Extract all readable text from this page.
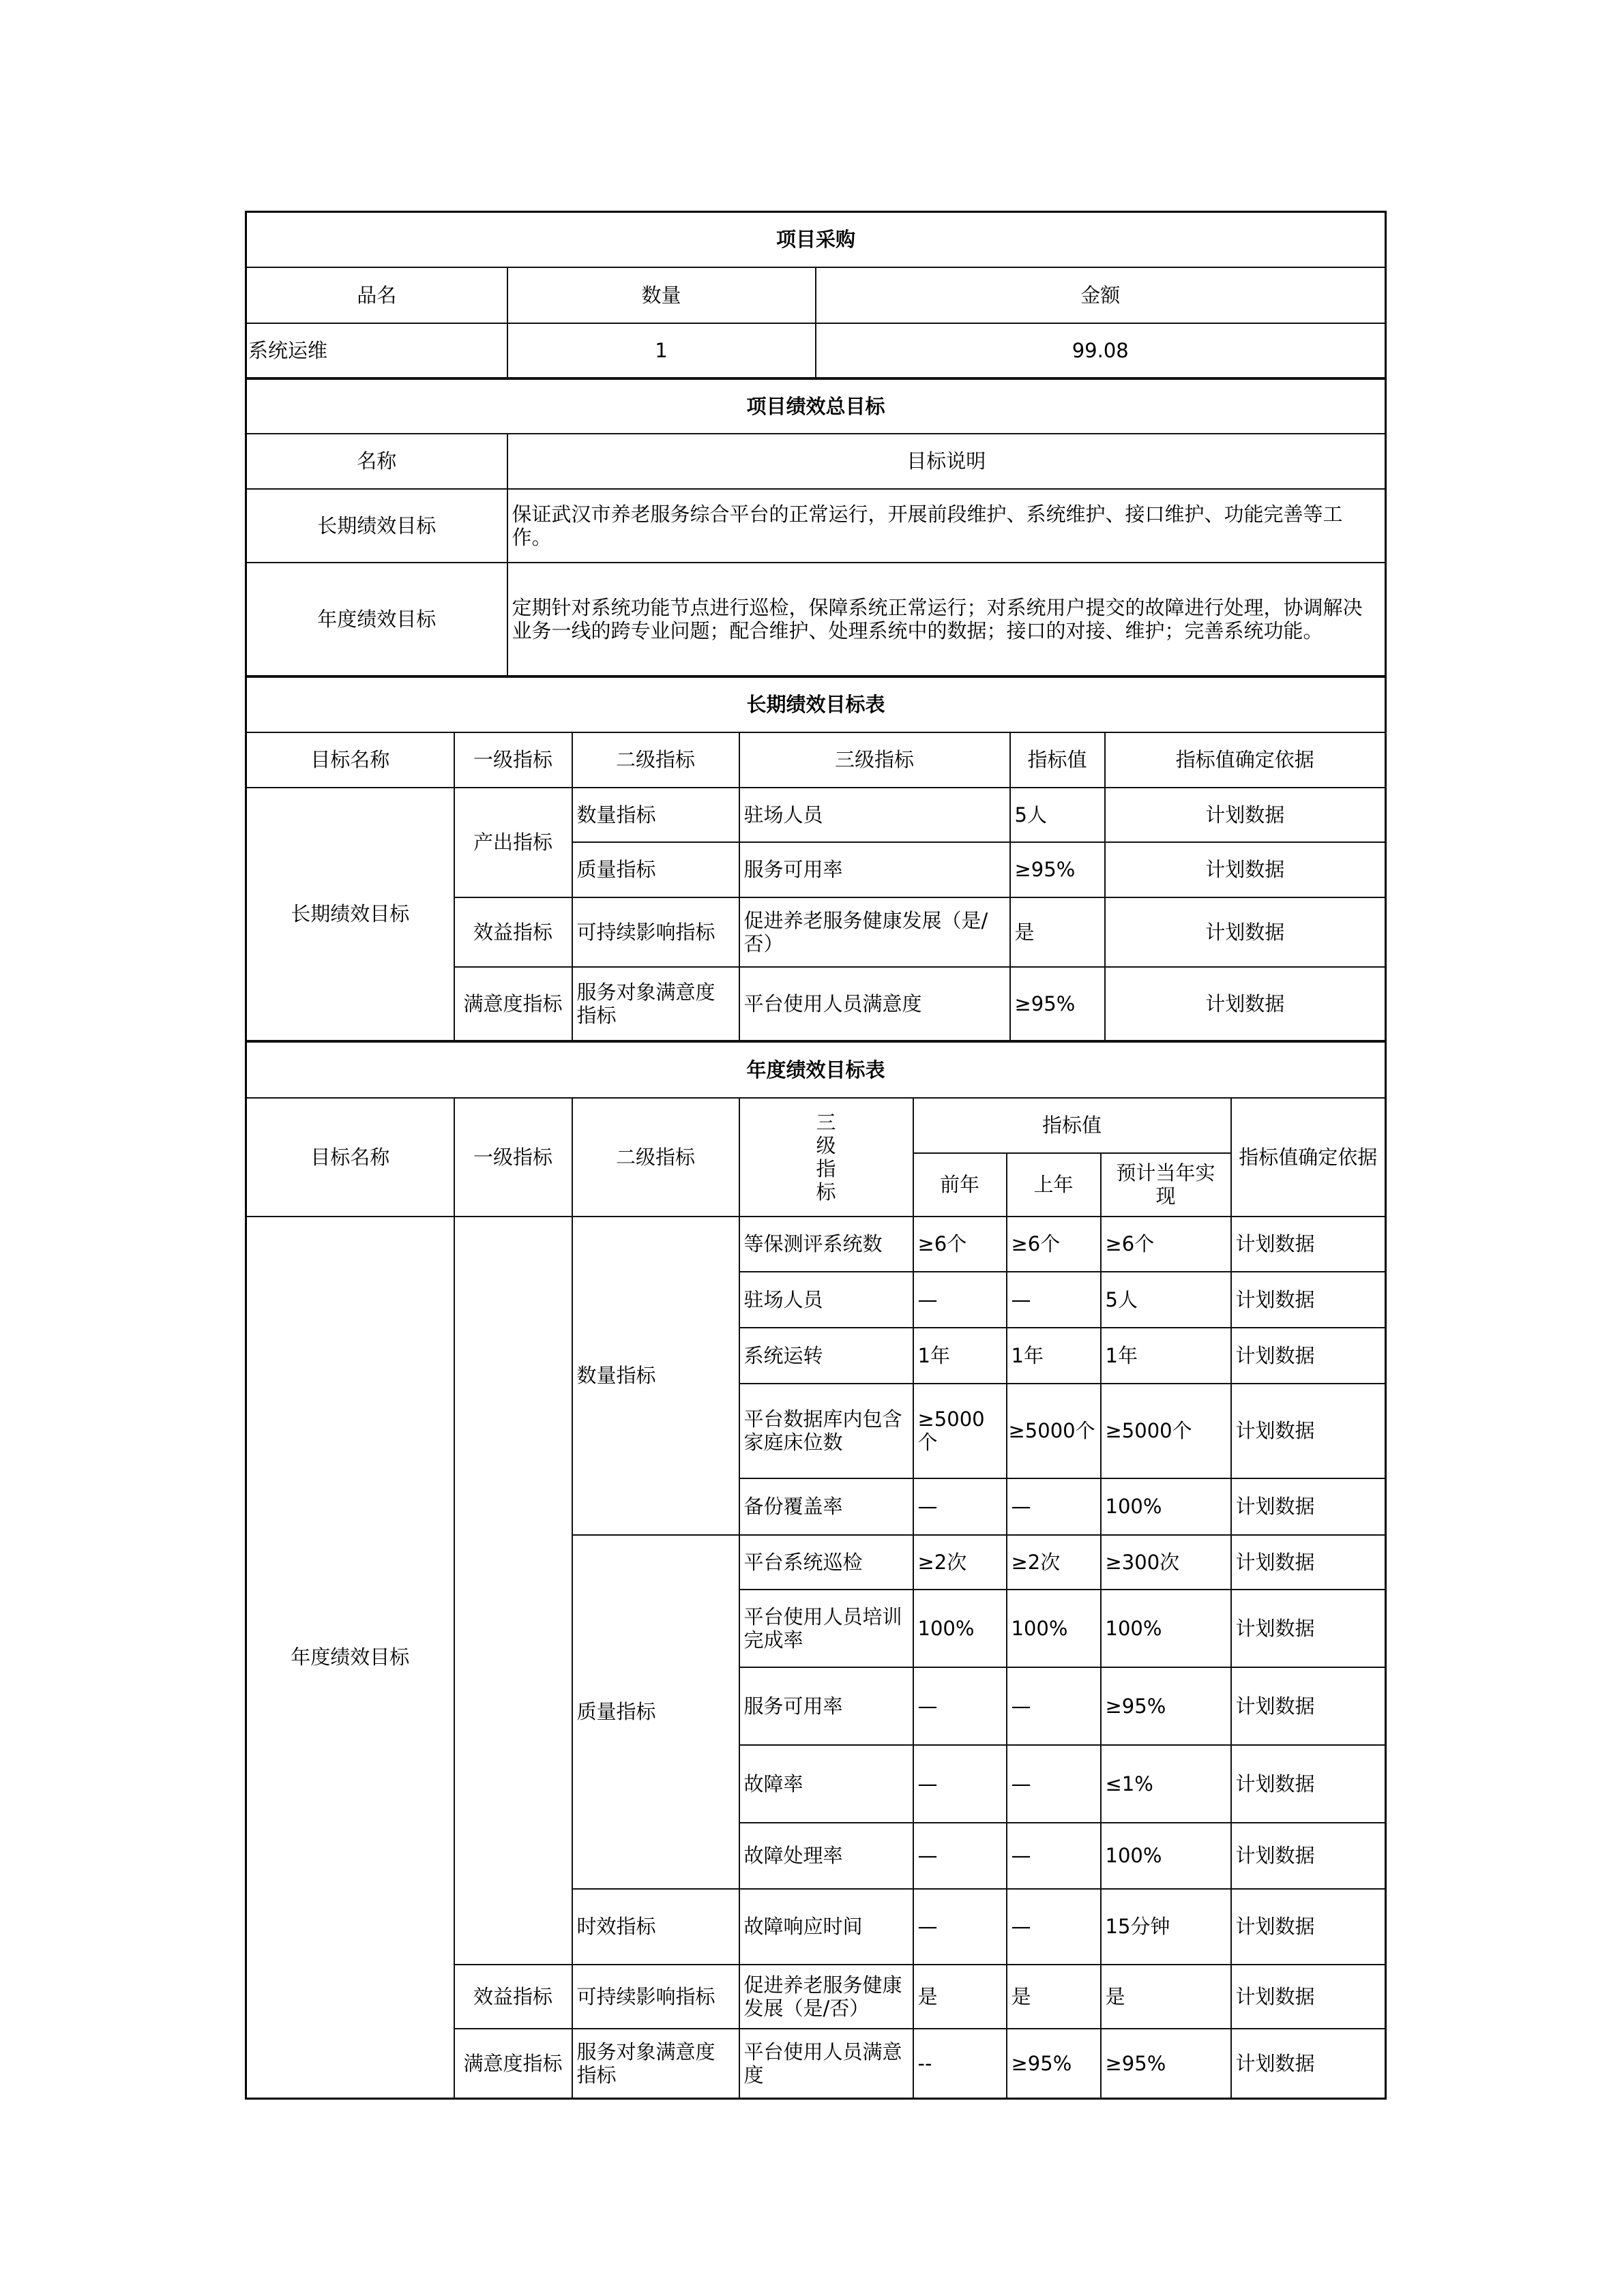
项目采购		
品名	数量	金额
系统运维	1	99.08
项目绩效总目标	
名称	目标说明
长期绩效目标	保证武汉市养老服务综合平台的正常运行，开展前段维护、系统维护、接口维护、功能完善等工作。
年度绩效目标	定期针对系统功能节点进行巡检，保障系统正常运行；对系统用户提交的故障进行处理，协调解决业务一线的跨专业问题；配合维护、处理系统中的数据；接口的对接、维护；完善系统功能。
长期绩效目标表					
目标名称	一级指标	二级指标	三级指标	指标值	指标值确定依据
长期绩效目标	产出指标	数量指标	驻场人员	5人	计划数据
		质量指标	服务可用率	≥95%	计划数据
	效益指标	可持续影响指标	促进养老服务健康发展（是/否）	是	计划数据
	满意度指标	服务对象满意度指标	平台使用人员满意度	≥95%	计划数据
年度绩效目标表							
目标名称	一级指标	二级指标	三级指标	指标值			指标值确定依据
				前年	上年	预计当年实现	
年度绩效目标		数量指标	等保测评系统数	≥6个	≥6个	≥6个	计划数据
			驻场人员	—	—	5人	计划数据
			系统运转	1年	1年	1年	计划数据
			平台数据库内包含家庭床位数	≥5000个	≥5000个	≥5000个	计划数据
			备份覆盖率	—	—	100%	计划数据
		质量指标	平台系统巡检	≥2次	≥2次	≥300次	计划数据
			平台使用人员培训完成率	100%	100%	100%	计划数据
			服务可用率	—	—	≥95%	计划数据
			故障率	—	—	≤1%	计划数据
			故障处理率	—	—	100%	计划数据
		时效指标	故障响应时间	—	—	15分钟	计划数据
	效益指标	可持续影响指标	促进养老服务健康发展（是/否）	是	是	是	计划数据
	满意度指标	服务对象满意度指标	平台使用人员满意度	--	≥95%	≥95%	计划数据
